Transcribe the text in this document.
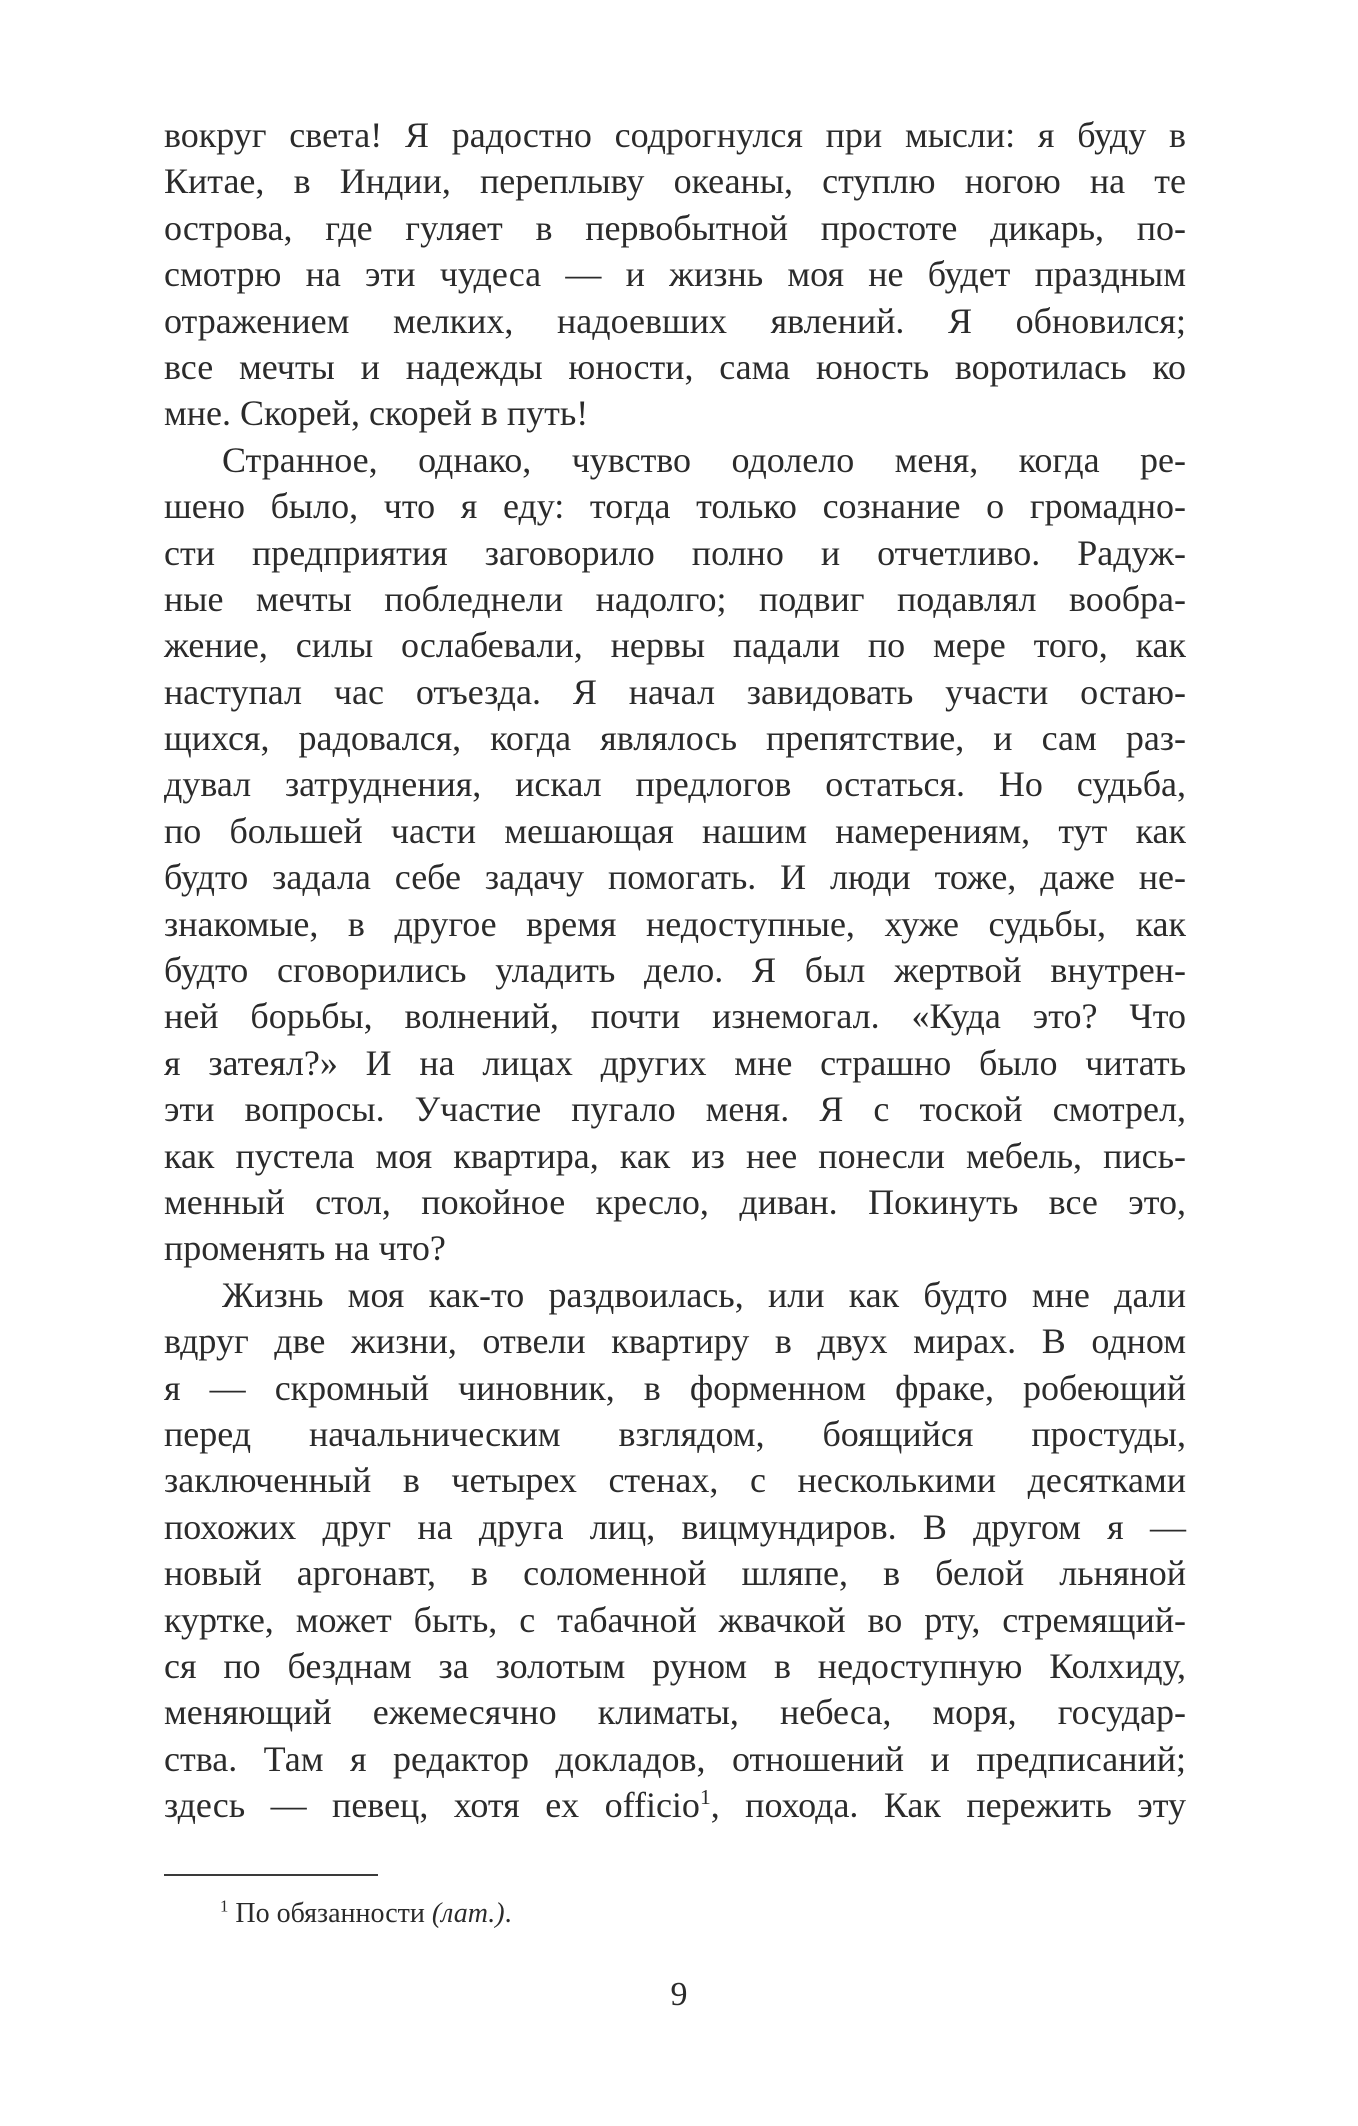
вокруг света! Я радостно содрогнулся при мысли: я буду в
Китае, в Индии, переплыву океаны, ступлю ногою на те
острова, где гуляет в первобытной простоте дикарь, по-
смотрю на эти чудеса — и жизнь моя не будет праздным
отражением мелких, надоевших явлений. Я обновился;
все мечты и надежды юности, сама юность воротилась ко
мне. Скорей, скорей в путь!
Странное, однако, чувство одолело меня, когда ре-
шено было, что я еду: тогда только сознание о громадно-
сти предприятия заговорило полно и отчетливо. Радуж-
ные мечты побледнели надолго; подвиг подавлял вообра-
жение, силы ослабевали, нервы падали по мере того, как
наступал час отъезда. Я начал завидовать участи остаю-
щихся, радовался, когда являлось препятствие, и сам раз-
дувал затруднения, искал предлогов остаться. Но судьба,
по большей части мешающая нашим намерениям, тут как
будто задала себе задачу помогать. И люди тоже, даже не-
знакомые, в другое время недоступные, хуже судьбы, как
будто сговорились уладить дело. Я был жертвой внутрен-
ней борьбы, волнений, почти изнемогал. «Куда это? Что
я затеял?» И на лицах других мне страшно было читать
эти вопросы. Участие пугало меня. Я с тоской смотрел,
как пустела моя квартира, как из нее понесли мебель, пись-
менный стол, покойное кресло, диван. Покинуть все это,
променять на что?
Жизнь моя как-то раздвоилась, или как будто мне дали
вдруг две жизни, отвели квартиру в двух мирах. В одном
я — скромный чиновник, в форменном фраке, робеющий
перед начальническим взглядом, боящийся простуды,
заключенный в четырех стенах, с несколькими десятками
похожих друг на друга лиц, вицмундиров. В другом я —
новый аргонавт, в соломенной шляпе, в белой льняной
куртке, может быть, с табачной жвачкой во рту, стремящий-
ся по безднам за золотым руном в недоступную Колхиду,
меняющий ежемесячно климаты, небеса, моря, государ-
ства. Там я редактор докладов, отношений и предписаний;
здесь — певец, хотя ex officio$^1$, похода. Как пережить эту
$^1$ По обязанности (лат.).
9
